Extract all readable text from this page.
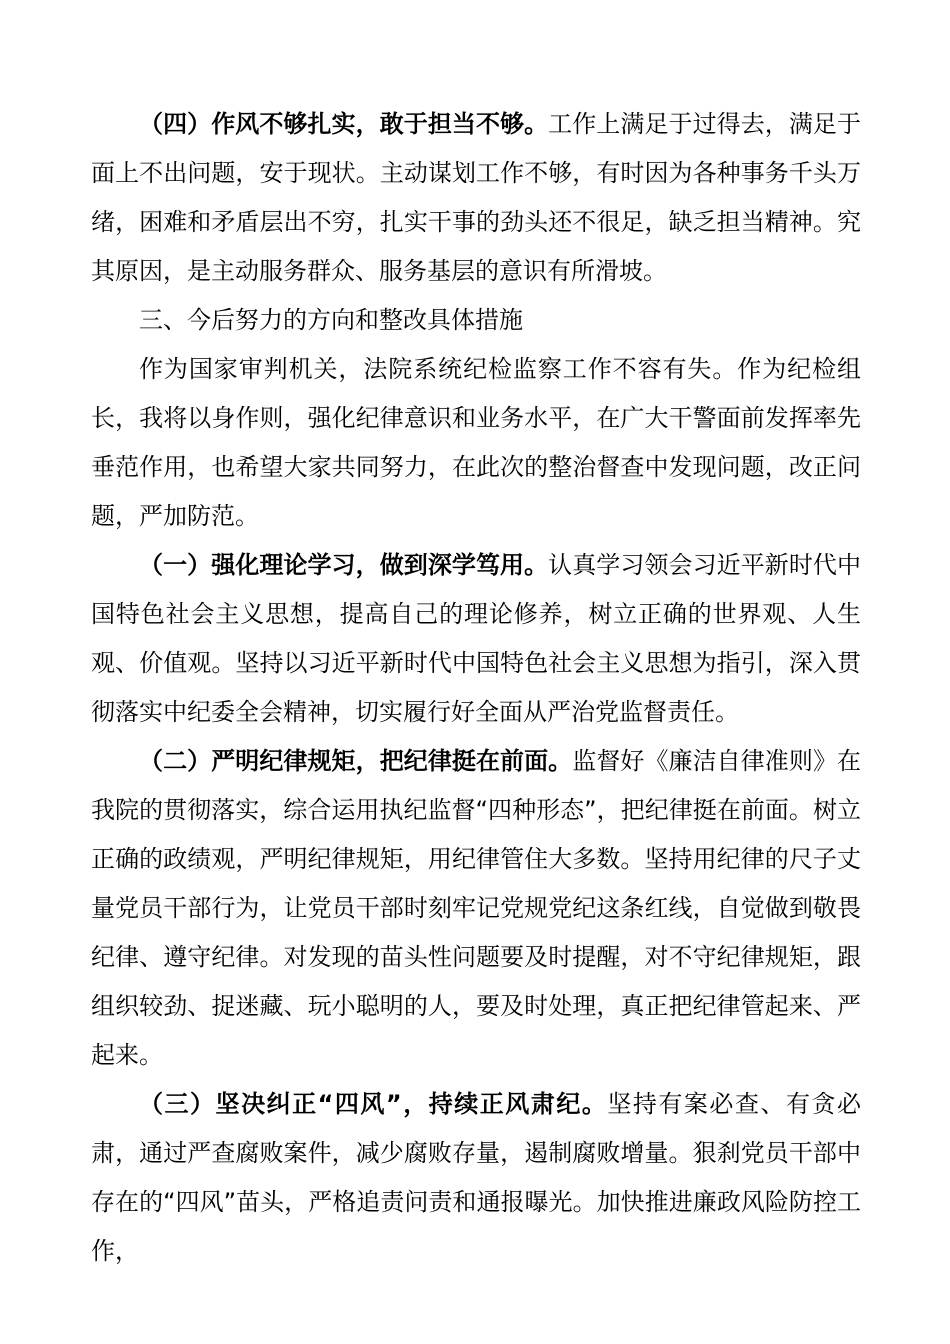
（四）作风不够扎实，敢于担当不够。工作上满足于过得去，满足于面上不出问题，安于现状。主动谋划工作不够，有时因为各种事务千头万绪，困难和矛盾层出不穷，扎实干事的劲头还不很足，缺乏担当精神。究其原因，是主动服务群众、服务基层的意识有所滑坡。

三、今后努力的方向和整改具体措施

作为国家审判机关，法院系统纪检监察工作不容有失。作为纪检组长，我将以身作则，强化纪律意识和业务水平，在广大干警面前发挥率先垂范作用，也希望大家共同努力，在此次的整治督查中发现问题，改正问题，严加防范。

（一）强化理论学习，做到深学笃用。认真学习领会习近平新时代中国特色社会主义思想，提高自己的理论修养，树立正确的世界观、人生观、价值观。坚持以习近平新时代中国特色社会主义思想为指引，深入贯彻落实中纪委全会精神，切实履行好全面从严治党监督责任。

（二）严明纪律规矩，把纪律挺在前面。监督好《廉洁自律准则》在我院的贯彻落实，综合运用执纪监督“四种形态”，把纪律挺在前面。树立正确的政绩观，严明纪律规矩，用纪律管住大多数。坚持用纪律的尺子丈量党员干部行为，让党员干部时刻牢记党规党纪这条红线，自觉做到敬畏纪律、遵守纪律。对发现的苗头性问题要及时提醒，对不守纪律规矩，跟组织较劲、捉迷藏、玩小聪明的人，要及时处理，真正把纪律管起来、严起来。

（三）坚决纠正“四风”，持续正风肃纪。坚持有案必查、有贪必肃，通过严查腐败案件，减少腐败存量，遏制腐败增量。狠刹党员干部中存在的“四风”苗头，严格追责问责和通报曝光。加快推进廉政风险防控工作，
